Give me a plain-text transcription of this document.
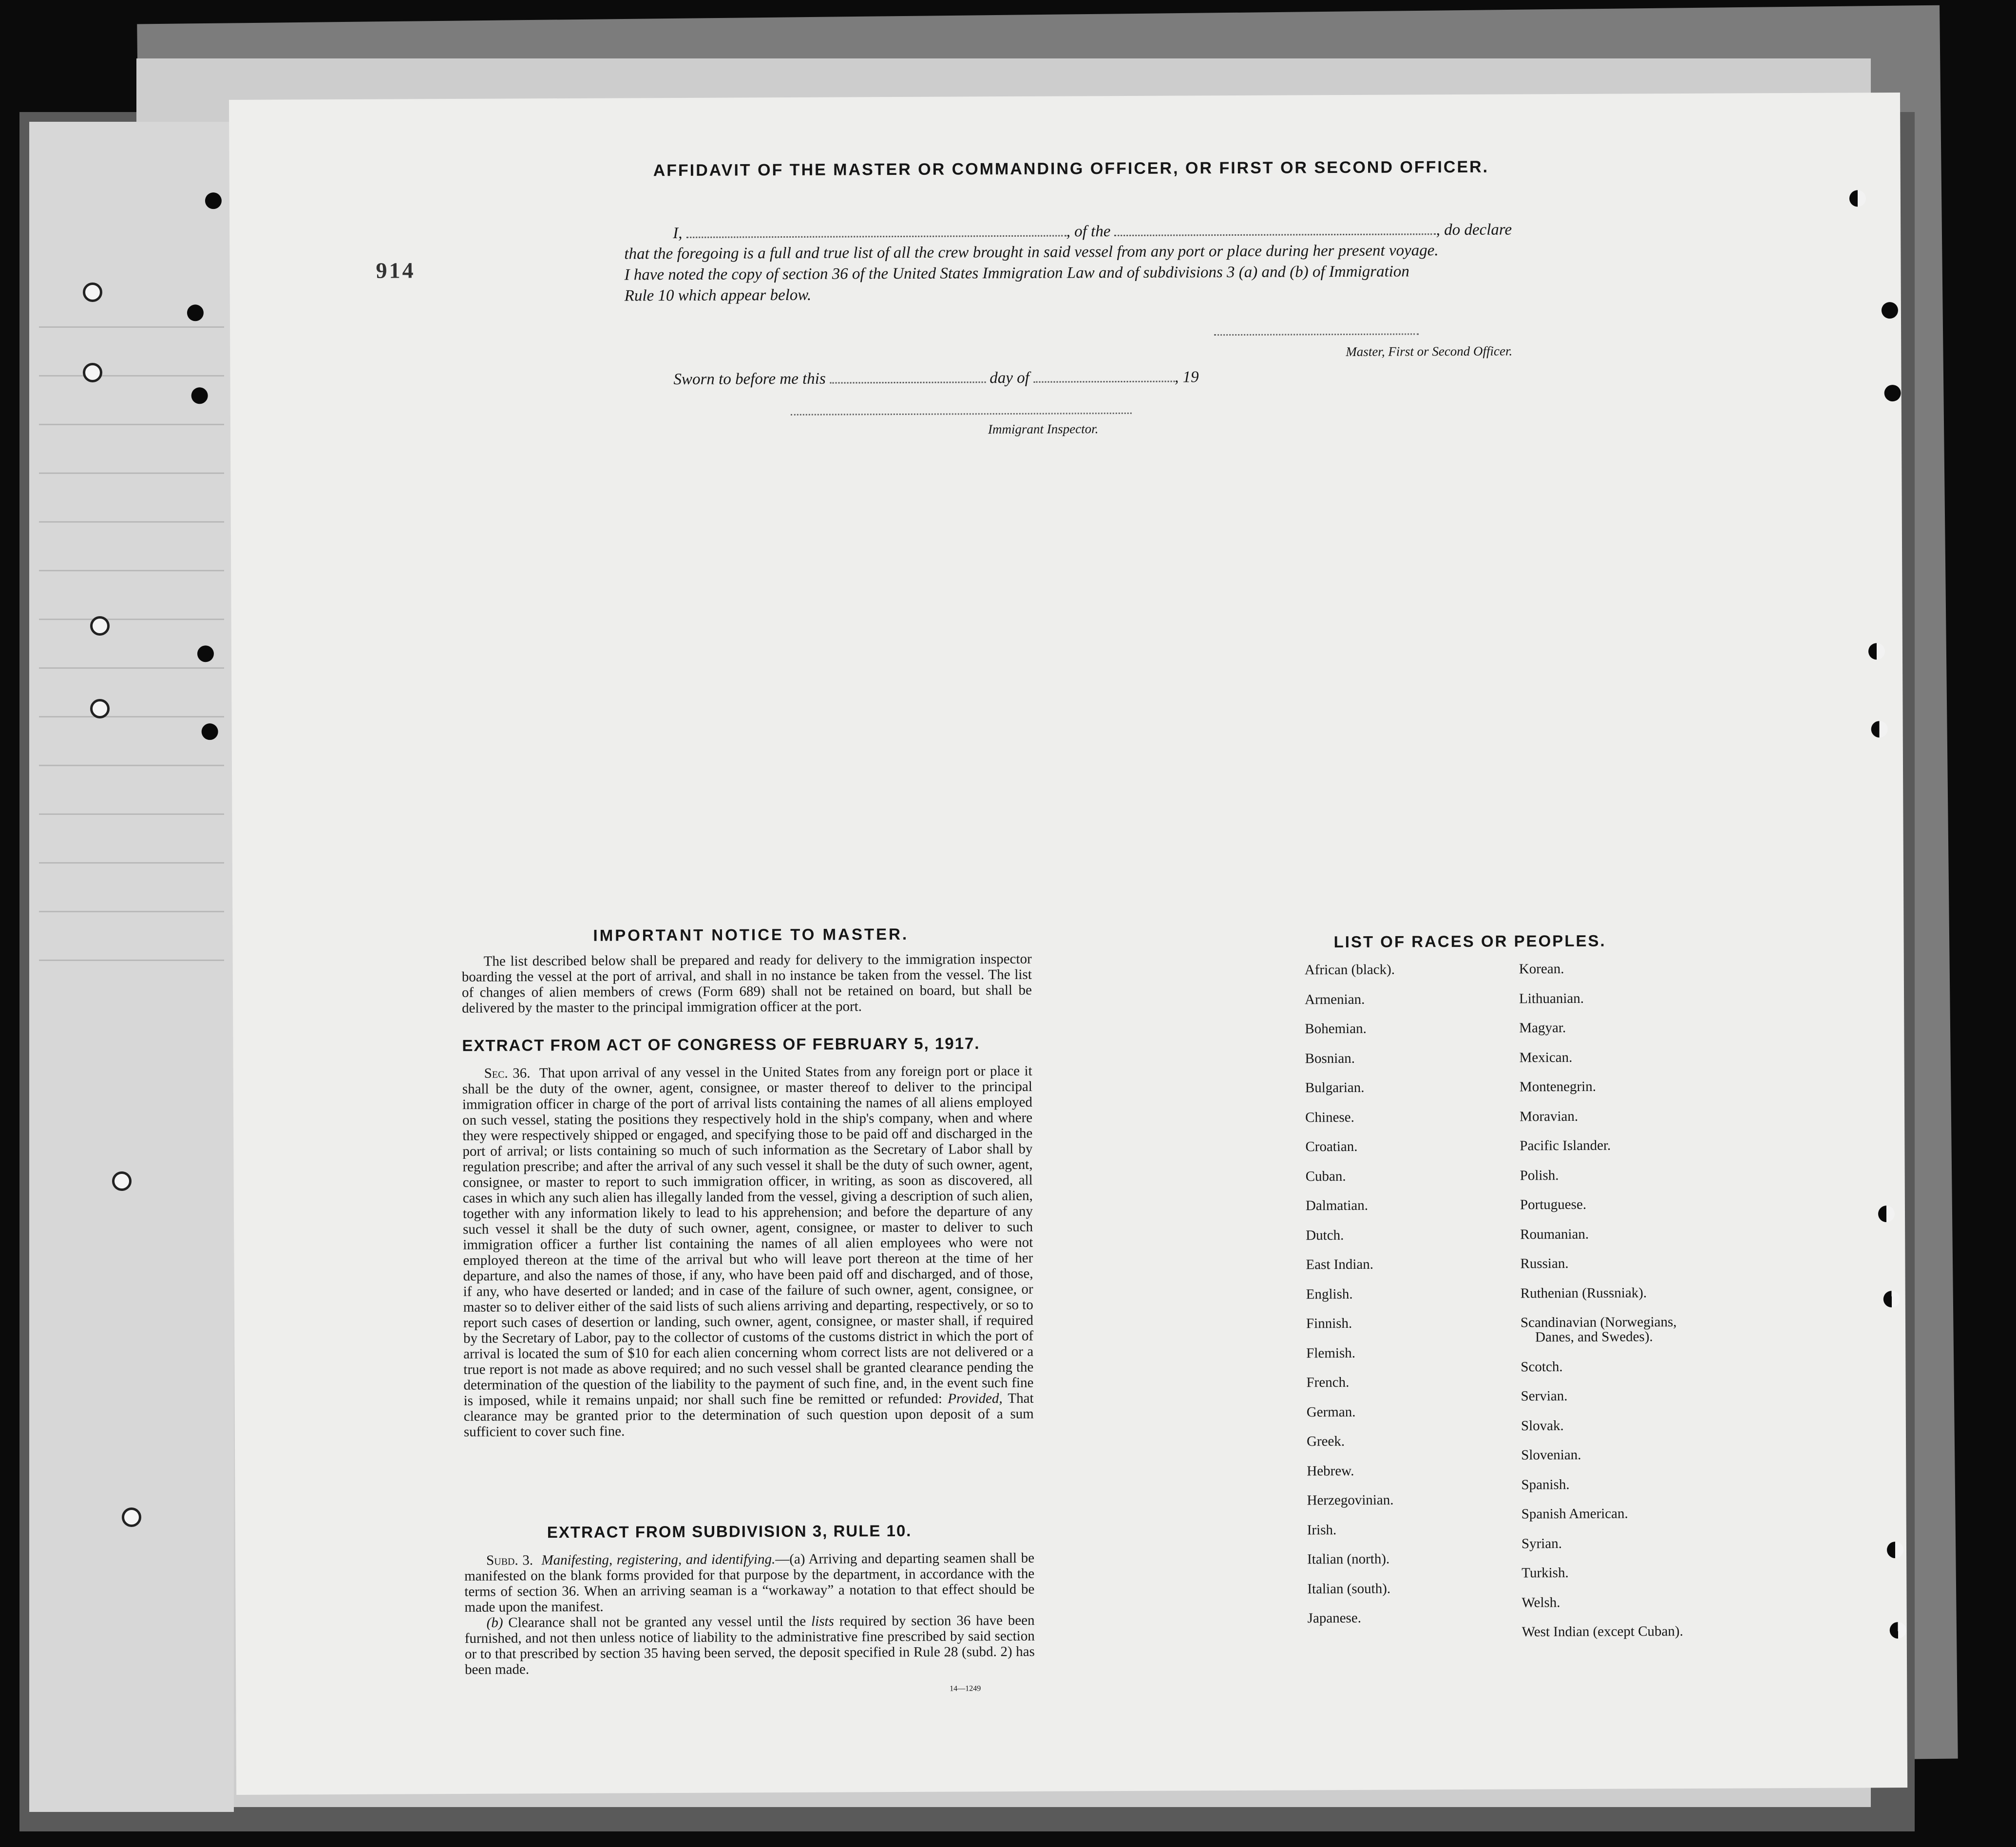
914
AFFIDAVIT OF THE MASTER OR COMMANDING OFFICER, OR FIRST OR SECOND OFFICER.
I,	, of the	, do declare
that the foregoing is a full and true list of all the crew brought in said vessel from any port or place during her present voyage.
I have noted the copy of section 36 of the United States Immigration Law and of subdivisions 3 (a) and (b) of Immigration
Rule 10 which appear below.
Master, First or Second Officer.
Sworn to before me this	day of	, 19
Immigrant Inspector.
IMPORTANT NOTICE TO MASTER.

The list described below shall be prepared and ready for delivery to the immigration inspector boarding the vessel at the port of arrival, and shall in no instance be taken from the vessel. The list of changes of alien members of crews (Form 689) shall not be retained on board, but shall be delivered by the master to the principal immigration officer at the port.

EXTRACT FROM ACT OF CONGRESS OF FEBRUARY 5, 1917.

Sec. 36. That upon arrival of any vessel in the United States from any foreign port or place it shall be the duty of the owner, agent, consignee, or master thereof to deliver to the principal immigration officer in charge of the port of arrival lists containing the names of all aliens employed on such vessel, stating the positions they respectively hold in the ship's company, when and where they were respectively shipped or engaged, and specifying those to be paid off and discharged in the port of arrival; or lists containing so much of such information as the Secretary of Labor shall by regulation prescribe; and after the arrival of any such vessel it shall be the duty of such owner, agent, consignee, or master to report to such immigration officer, in writing, as soon as discovered, all cases in which any such alien has illegally landed from the vessel, giving a description of such alien, together with any information likely to lead to his apprehension; and before the departure of any such vessel it shall be the duty of such owner, agent, consignee, or master to deliver to such immigration officer a further list containing the names of all alien employees who were not employed thereon at the time of the arrival but who will leave port thereon at the time of her departure, and also the names of those, if any, who have been paid off and discharged, and of those, if any, who have deserted or landed; and in case of the failure of such owner, agent, consignee, or master so to deliver either of the said lists of such aliens arriving and departing, respectively, or so to report such cases of desertion or landing, such owner, agent, consignee, or master shall, if required by the Secretary of Labor, pay to the collector of customs of the customs district in which the port of arrival is located the sum of $10 for each alien concerning whom correct lists are not delivered or a true report is not made as above required; and no such vessel shall be granted clearance pending the determination of the question of the liability to the payment of such fine, and, in the event such fine is imposed, while it remains unpaid; nor shall such fine be remitted or refunded: Provided, That clearance may be granted prior to the determination of such question upon deposit of a sum sufficient to cover such fine.

EXTRACT FROM SUBDIVISION 3, RULE 10.

Subd. 3. Manifesting, registering, and identifying.—(a) Arriving and departing seamen shall be manifested on the blank forms provided for that purpose by the department, in accordance with the terms of section 36. When an arriving seaman is a “workaway” a notation to that effect should be made upon the manifest.

(b) Clearance shall not be granted any vessel until the lists required by section 36 have been furnished, and not then unless notice of liability to the administrative fine prescribed by said section or to that prescribed by section 35 having been served, the deposit specified in Rule 28 (subd. 2) has been made.

14—1249
LIST OF RACES OR PEOPLES.
African (black).
Armenian.
Bohemian.
Bosnian.
Bulgarian.
Chinese.
Croatian.
Cuban.
Dalmatian.
Dutch.
East Indian.
English.
Finnish.
Flemish.
French.
German.
Greek.
Hebrew.
Herzegovinian.
Irish.
Italian (north).
Italian (south).
Japanese.
Korean.
Lithuanian.
Magyar.
Mexican.
Montenegrin.
Moravian.
Pacific Islander.
Polish.
Portuguese.
Roumanian.
Russian.
Ruthenian (Russniak).
Scandinavian (Norwegians,
Danes, and Swedes).
Scotch.
Servian.
Slovak.
Slovenian.
Spanish.
Spanish American.
Syrian.
Turkish.
Welsh.
West Indian (except Cuban).
